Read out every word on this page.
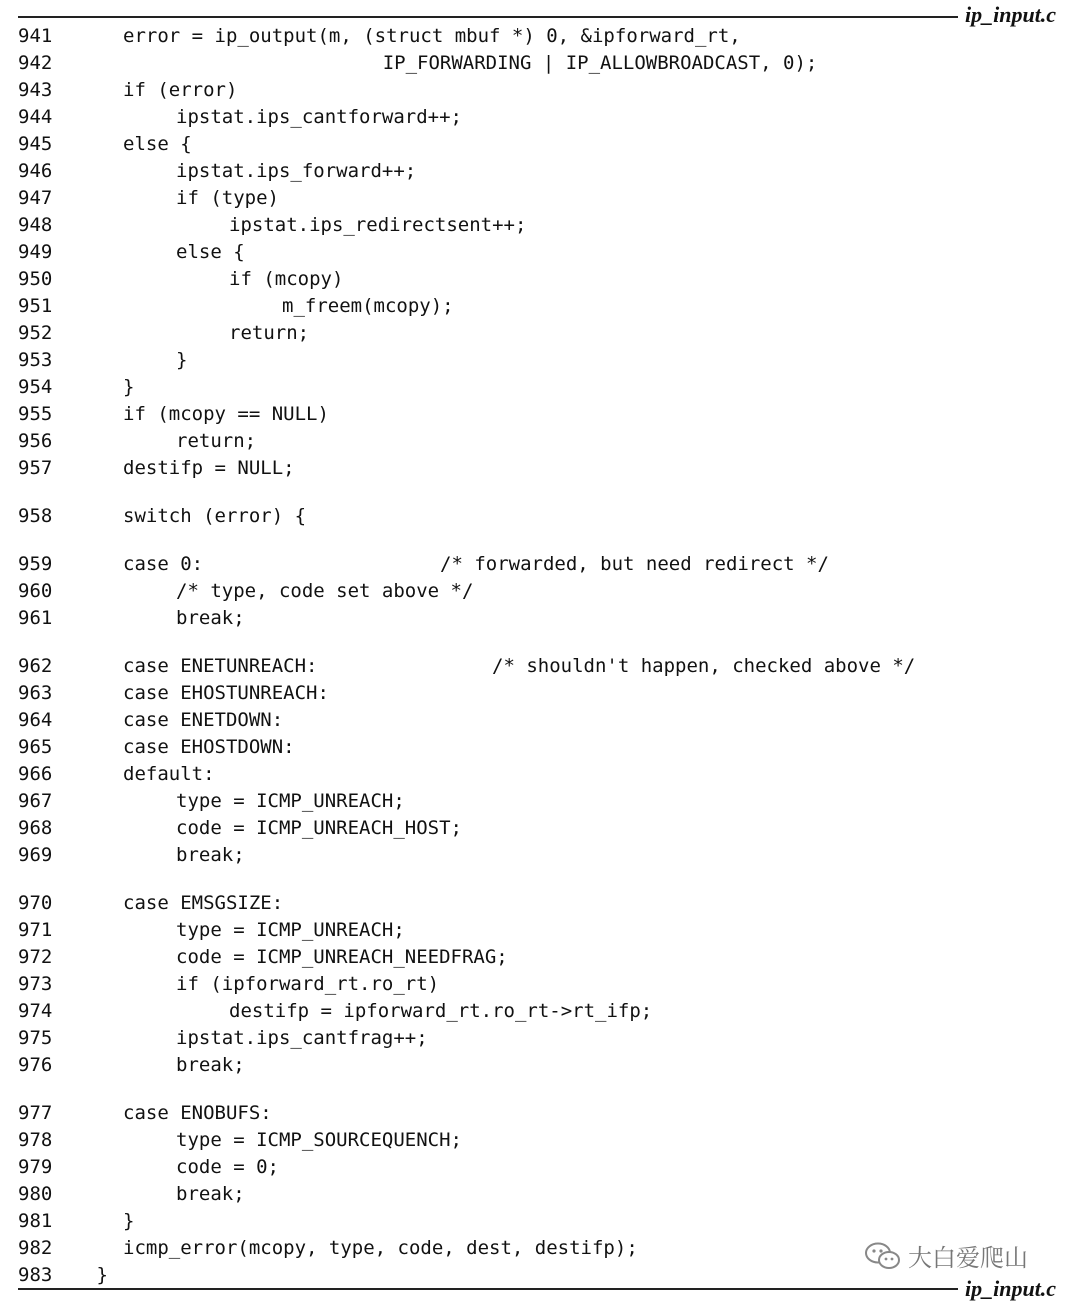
ip_input.c
941	error = ip_output(m, (struct mbuf *) 0, &ipforward_rt,
942	IP_FORWARDING | IP_ALLOWBROADCAST, 0);
943	if (error)
944	ipstat.ips_cantforward++;
945	else {
946	ipstat.ips_forward++;
947	if (type)
948	ipstat.ips_redirectsent++;
949	else {
950	if (mcopy)
951	m_freem(mcopy);
952	return;
953	}
954	}
955	if (mcopy == NULL)
956	return;
957	destifp = NULL;
958	switch (error) {
959	case 0:	/* forwarded, but need redirect */
960	/* type, code set above */
961	break;
962	case ENETUNREACH:	/* shouldn't happen, checked above */
963	case EHOSTUNREACH:
964	case ENETDOWN:
965	case EHOSTDOWN:
966	default:
967	type = ICMP_UNREACH;
968	code = ICMP_UNREACH_HOST;
969	break;
970	case EMSGSIZE:
971	type = ICMP_UNREACH;
972	code = ICMP_UNREACH_NEEDFRAG;
973	if (ipforward_rt.ro_rt)
974	destifp = ipforward_rt.ro_rt->rt_ifp;
975	ipstat.ips_cantfrag++;
976	break;
977	case ENOBUFS:
978	type = ICMP_SOURCEQUENCH;
979	code = 0;
980	break;
981	}
982	icmp_error(mcopy, type, code, dest, destifp);
983 }
ip_input.c
大白爱爬山
